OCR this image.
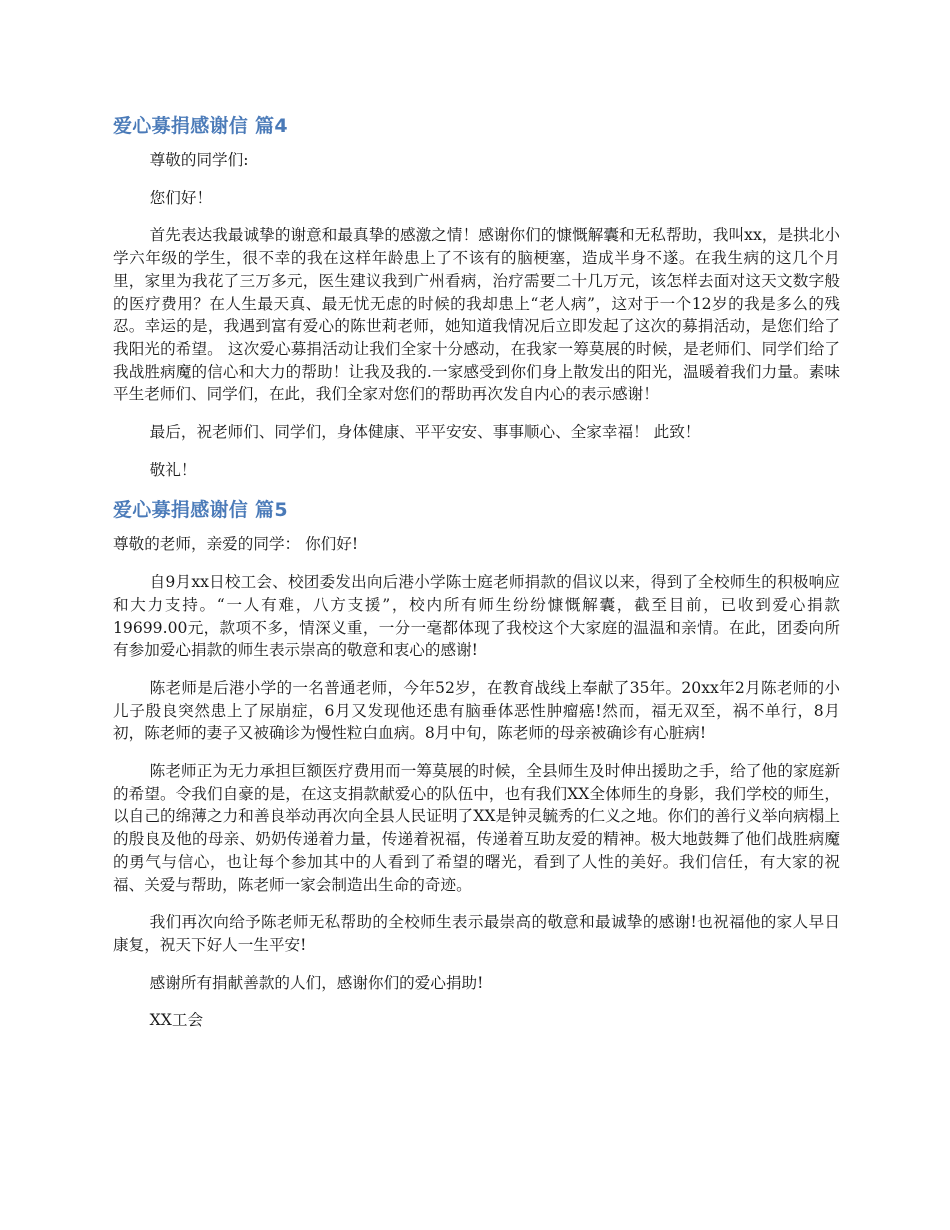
爱心募捐感谢信 篇4

尊敬的同学们:

您们好！

首先表达我最诚挚的谢意和最真挚的感激之情！感谢你们的慷慨解囊和无私帮助，我叫xx，是拱北小学六年级的学生，很不幸的我在这样年龄患上了不该有的脑梗塞，造成半身不遂。在我生病的这几个月里，家里为我花了三万多元，医生建议我到广州看病，治疗需要二十几万元，该怎样去面对这天文数字般的医疗费用？在人生最天真、最无忧无虑的时候的我却患上“老人病”，这对于一个12岁的我是多么的残忍。幸运的是，我遇到富有爱心的陈世莉老师，她知道我情况后立即发起了这次的募捐活动，是您们给了我阳光的希望。 这次爱心募捐活动让我们全家十分感动，在我家一筹莫展的时候，是老师们、同学们给了我战胜病魔的信心和大力的帮助！让我及我的.一家感受到你们身上散发出的阳光，温暖着我们力量。素味平生老师们、同学们，在此，我们全家对您们的帮助再次发自内心的表示感谢！

最后，祝老师们、同学们，身体健康、平平安安、事事顺心、全家幸福！ 此致！

敬礼！

爱心募捐感谢信 篇5

尊敬的老师，亲爱的同学： 你们好!

自9月xx日校工会、校团委发出向后港小学陈士庭老师捐款的倡议以来，得到了全校师生的积极响应和大力支持。“一人有难，八方支援”，校内所有师生纷纷慷慨解囊，截至目前，已收到爱心捐款19699.00元，款项不多，情深义重，一分一毫都体现了我校这个大家庭的温温和亲情。在此，团委向所有参加爱心捐款的师生表示崇高的敬意和衷心的感谢!

陈老师是后港小学的一名普通老师，今年52岁，在教育战线上奉献了35年。20xx年2月陈老师的小儿子殷良突然患上了尿崩症，6月又发现他还患有脑垂体恶性肿瘤癌!然而，福无双至，祸不单行，8月初，陈老师的妻子又被确诊为慢性粒白血病。8月中旬，陈老师的母亲被确诊有心脏病!

陈老师正为无力承担巨额医疗费用而一筹莫展的时候，全县师生及时伸出援助之手，给了他的家庭新的希望。令我们自豪的是，在这支捐款献爱心的队伍中，也有我们XX全体师生的身影，我们学校的师生，以自己的绵薄之力和善良举动再次向全县人民证明了XX是钟灵毓秀的仁义之地。你们的善行义举向病榻上的殷良及他的母亲、奶奶传递着力量，传递着祝福，传递着互助友爱的精神。极大地鼓舞了他们战胜病魔的勇气与信心，也让每个参加其中的人看到了希望的曙光，看到了人性的美好。我们信任，有大家的祝福、关爱与帮助，陈老师一家会制造出生命的奇迹。

我们再次向给予陈老师无私帮助的全校师生表示最崇高的敬意和最诚挚的感谢!也祝福他的家人早日康复，祝天下好人一生平安!

感谢所有捐献善款的人们，感谢你们的爱心捐助!

XX工会
